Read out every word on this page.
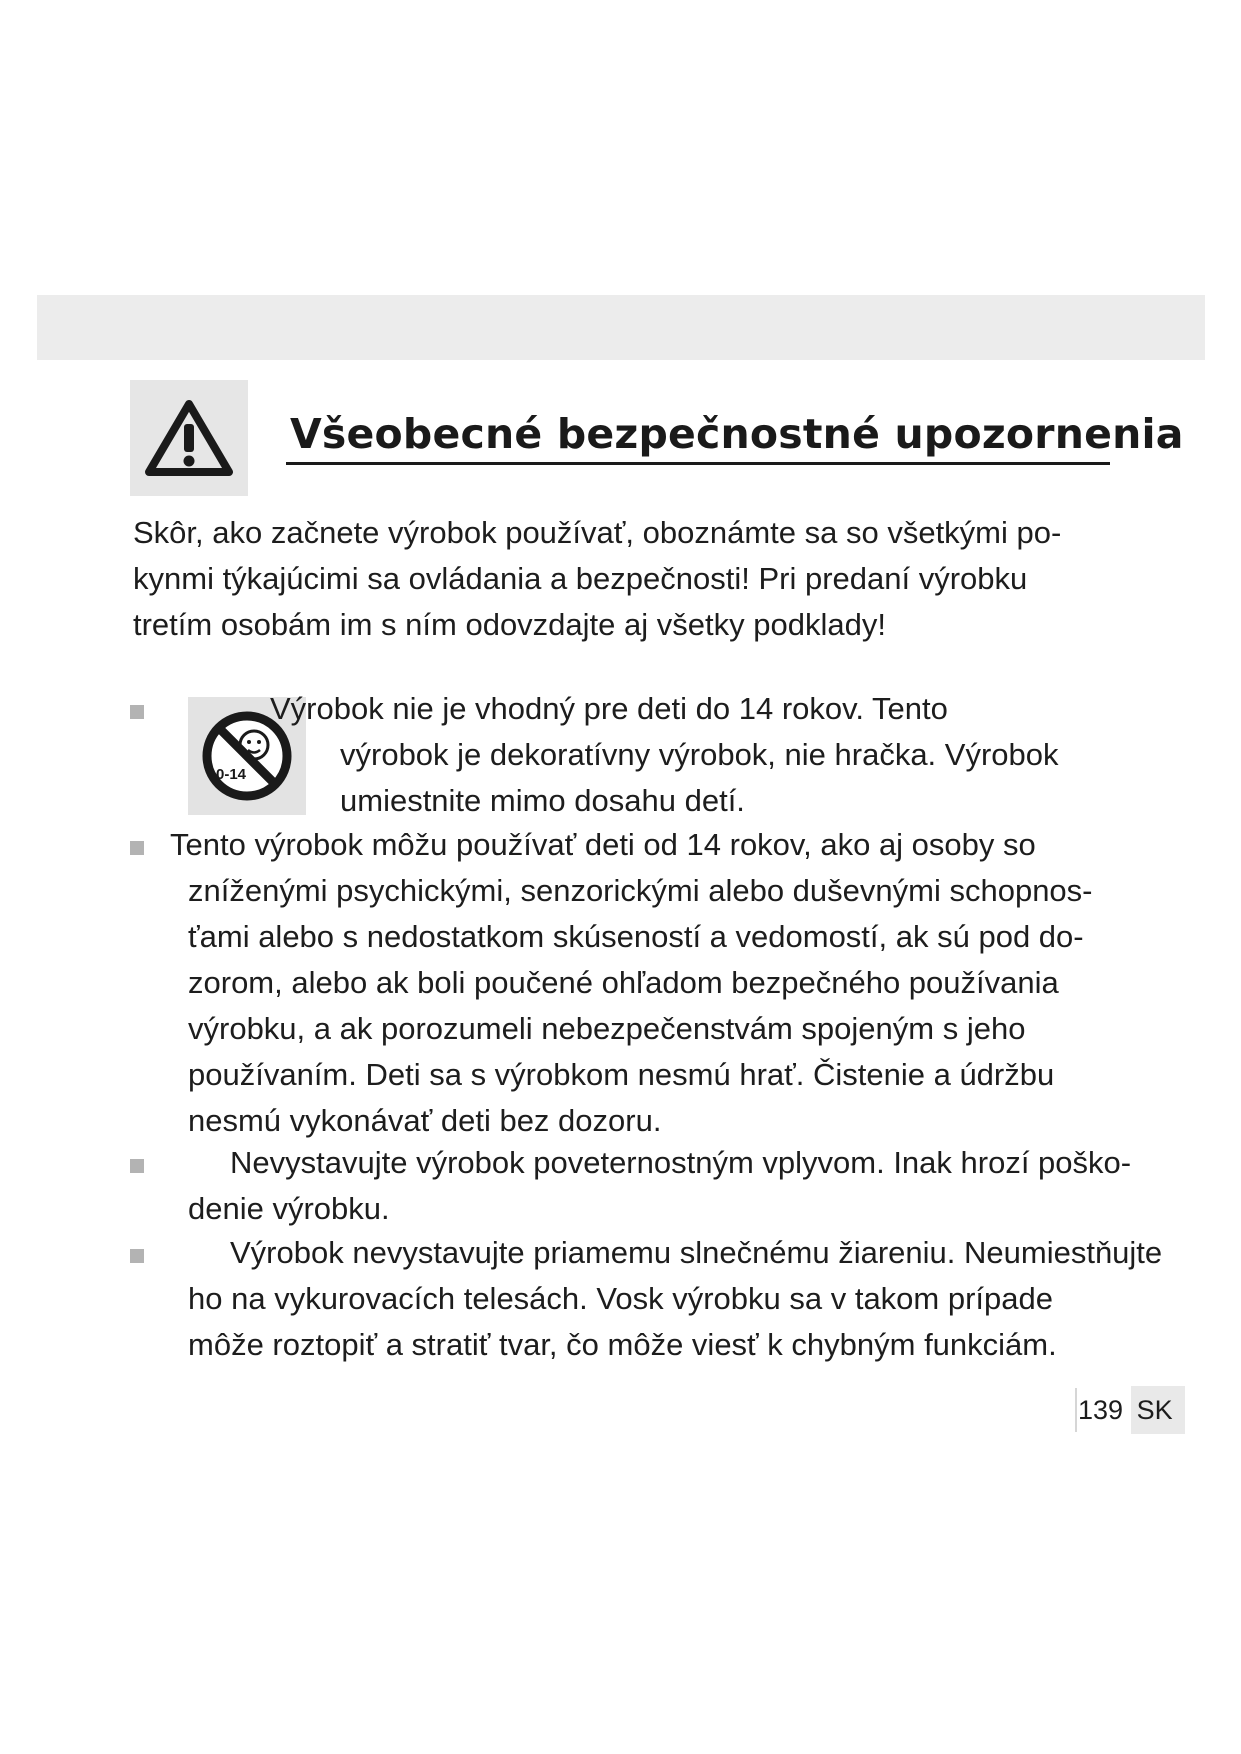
Všeobecné bezpečnostné upozornenia
Skôr, ako začnete výrobok používať, oboznámte sa so všetkými po-
kynmi týkajúcimi sa ovládania a bezpečnosti! Pri predaní výrobku
tretím osobám im s ním odovzdajte aj všetky podklady!
0-14
Výrobok nie je vhodný pre deti do 14 rokov. Tento
výrobok je dekoratívny výrobok, nie hračka. Výrobok
umiestnite mimo dosahu detí.
Tento výrobok môžu používať deti od 14 rokov, ako aj osoby so
zníženými psychickými, senzorickými alebo duševnými schopnos-
ťami alebo s nedostatkom skúseností a vedomostí, ak sú pod do-
zorom, alebo ak boli poučené ohľadom bezpečného používania
výrobku, a ak porozumeli nebezpečenstvám spojeným s jeho
používaním. Deti sa s výrobkom nesmú hrať. Čistenie a údržbu
nesmú vykonávať deti bez dozoru.
Nevystavujte výrobok poveternostným vplyvom. Inak hrozí poško-
denie výrobku.
Výrobok nevystavujte priamemu slnečnému žiareniu. Neumiestňujte
ho na vykurovacích telesách. Vosk výrobku sa v takom prípade
môže roztopiť a stratiť tvar, čo môže viesť k chybným funkciám.
139 SK
